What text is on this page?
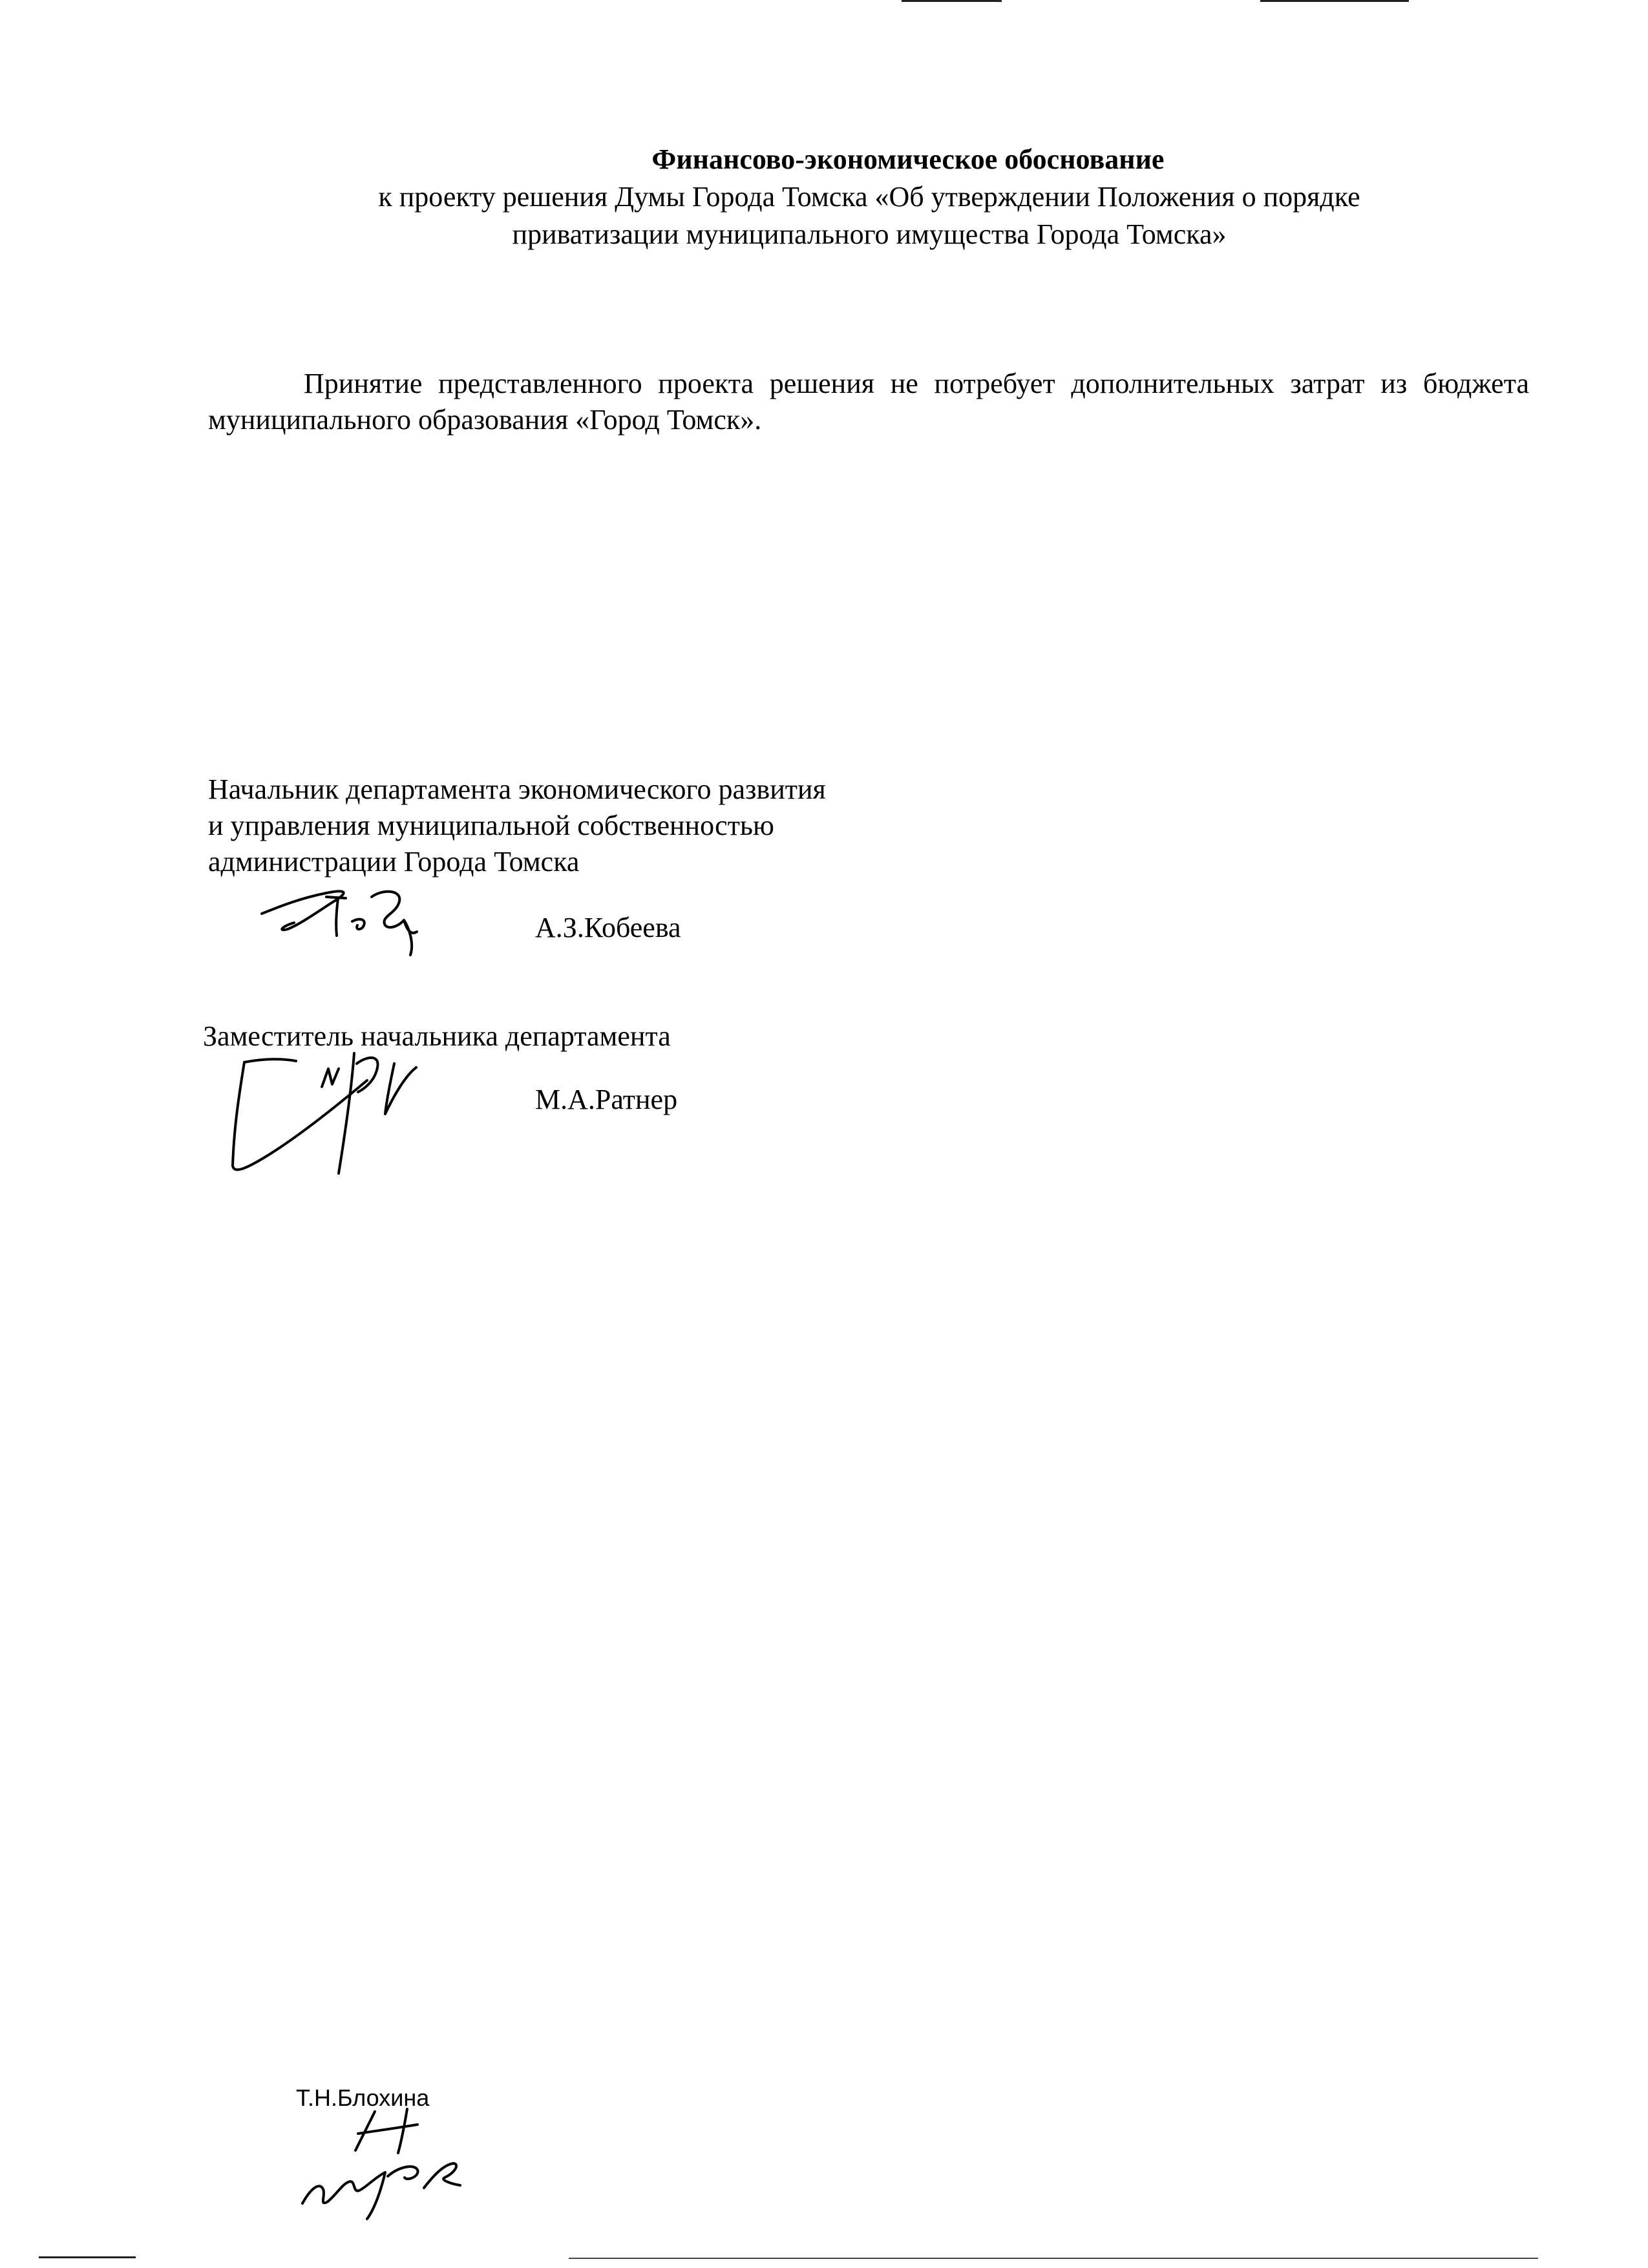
Финансово-экономическое обоснование
к проекту решения Думы Города Томска «Об утверждении Положения о порядке
приватизации муниципального имущества Города Томска»
Принятие представленного проекта решения не потребует дополнительных затрат из бюджета муниципального образования «Город Томск».
Начальник департамента экономического развития
и управления муниципальной собственностью
администрации Города Томска
А.З.Кобеева
Заместитель начальника департамента
М.А.Ратнер
Т.Н.Блохина
